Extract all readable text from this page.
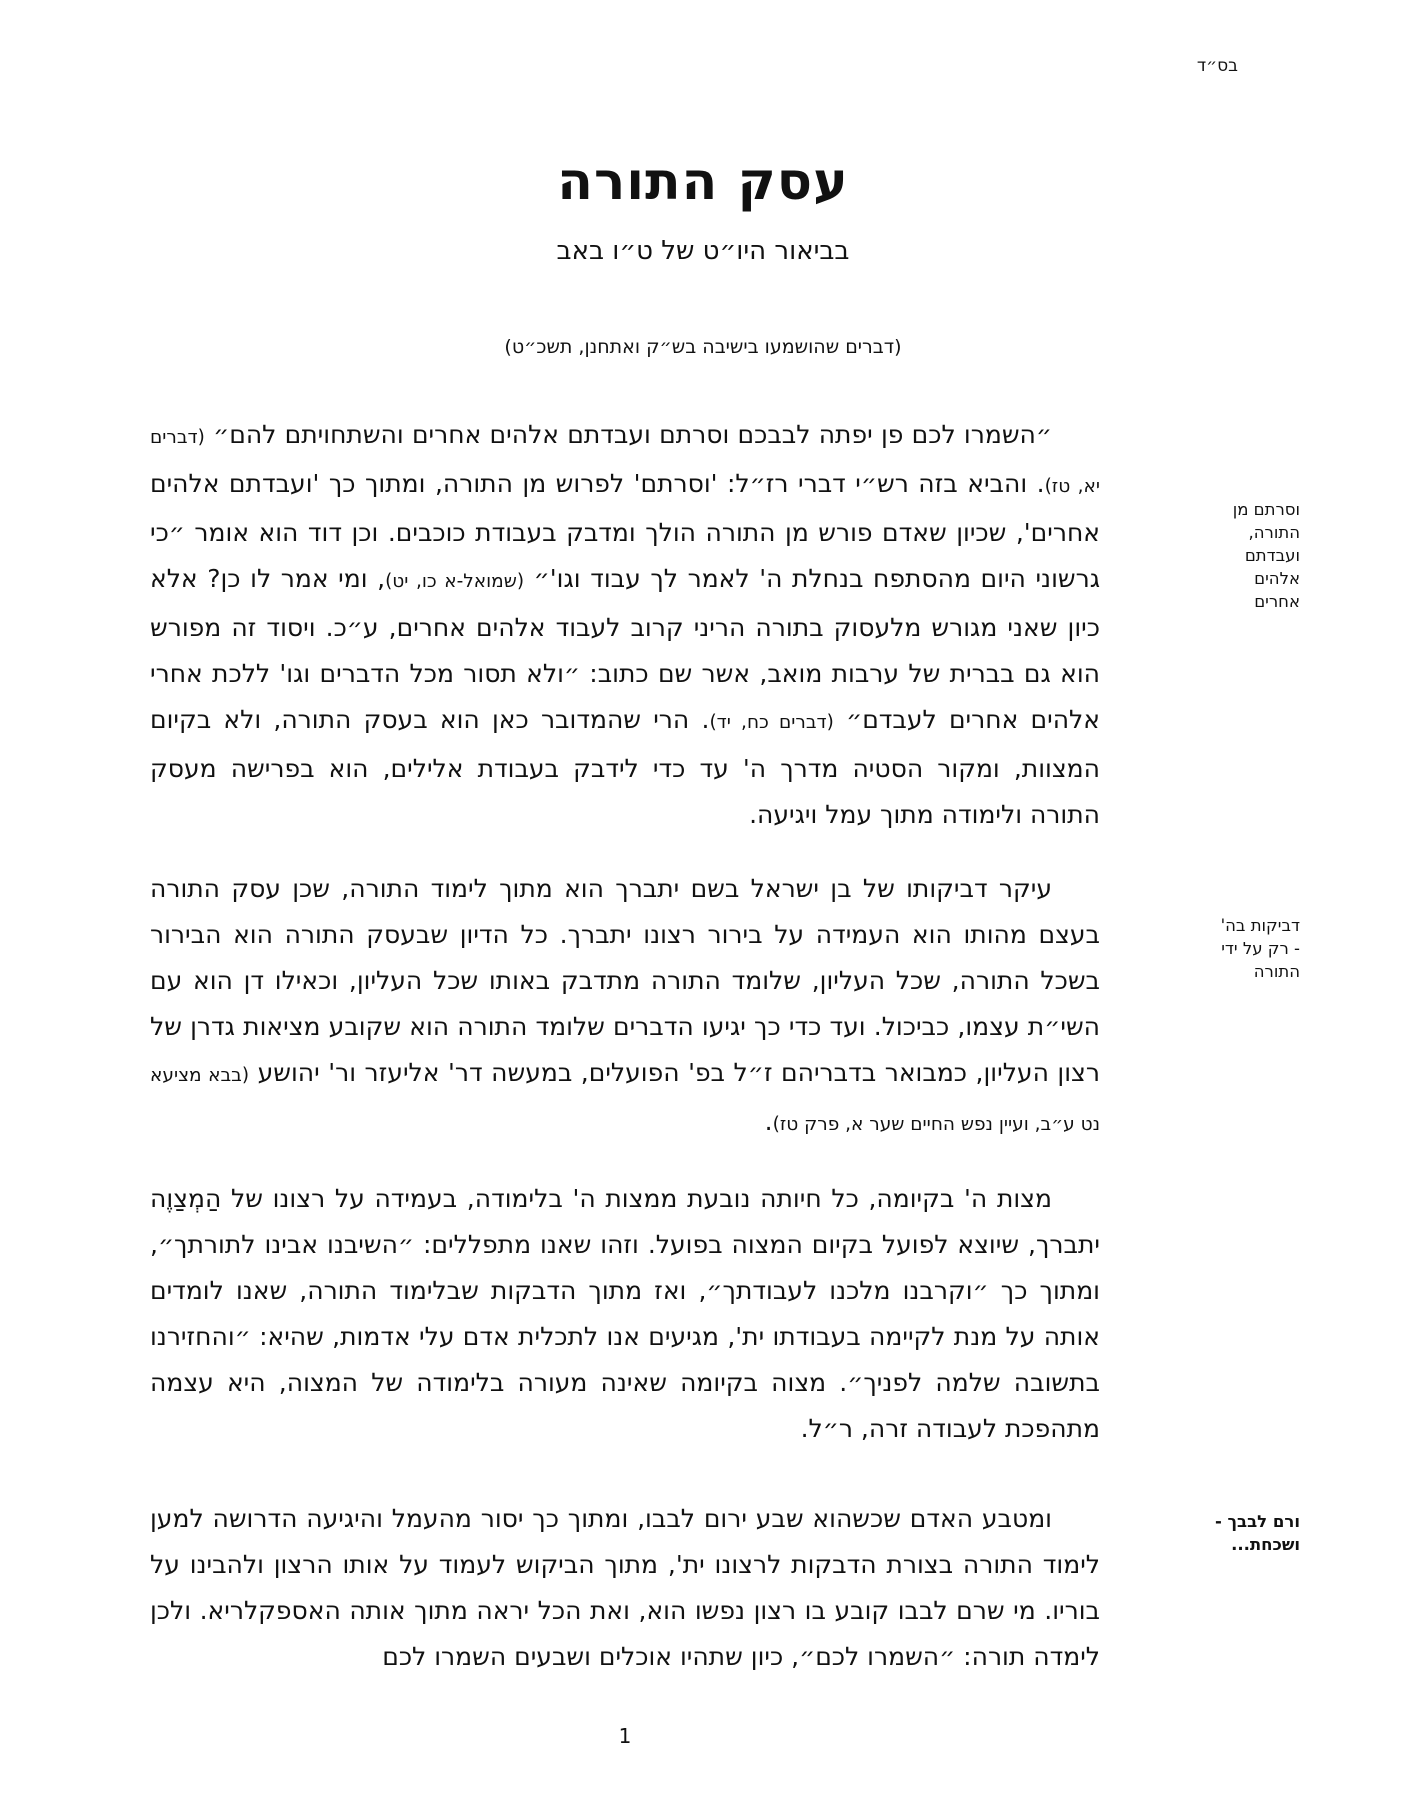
בס״ד
עסק התורה
בביאור היו״ט של ט״ו באב
(דברים שהושמעו בישיבה בש״ק ואתחנן, תשכ״ט)

״השמרו לכם פן יפתה לבבכם וסרתם ועבדתם אלהים אחרים והשתחויתם להם״ (דברים יא, טז). והביא בזה רש״י דברי רז״ל: 'וסרתם' לפרוש מן התורה, ומתוך כך 'ועבדתם אלהים אחרים', שכיון שאדם פורש מן התורה הולך ומדבק בעבודת כוכבים. וכן דוד הוא אומר ״כי גרשוני היום מהסתפח בנחלת ה' לאמר לך עבוד וגו'״ (שמואל-א כו, יט), ומי אמר לו כן? אלא כיון שאני מגורש מלעסוק בתורה הריני קרוב לעבוד אלהים אחרים, ע״כ. ויסוד זה מפורש הוא גם בברית של ערבות מואב, אשר שם כתוב: ״ולא תסור מכל הדברים וגו' ללכת אחרי אלהים אחרים לעבדם״ (דברים כח, יד). הרי שהמדובר כאן הוא בעסק התורה, ולא בקיום המצוות, ומקור הסטיה מדרך ה' עד כדי לידבק בעבודת אלילים, הוא בפרישה מעסק התורה ולימודה מתוך עמל ויגיעה.

עיקר דביקותו של בן ישראל בשם יתברך הוא מתוך לימוד התורה, שכן עסק התורה בעצם מהותו הוא העמידה על בירור רצונו יתברך. כל הדיון שבעסק התורה הוא הבירור בשכל התורה, שכל העליון, שלומד התורה מתדבק באותו שכל העליון, וכאילו דן הוא עם השי״ת עצמו, כביכול. ועד כדי כך יגיעו הדברים שלומד התורה הוא שקובע מציאות גדרן של רצון העליון, כמבואר בדבריהם ז״ל בפ' הפועלים, במעשה דר' אליעזר ור' יהושע (בבא מציעא נט ע״ב, ועיין נפש החיים שער א, פרק טז).

מצות ה' בקיומה, כל חיותה נובעת ממצות ה' בלימודה, בעמידה על רצונו של הַמְצַוֶה יתברך, שיוצא לפועל בקיום המצוה בפועל. וזהו שאנו מתפללים: ״השיבנו אבינו לתורתך״, ומתוך כך ״וקרבנו מלכנו לעבודתך״, ואז מתוך הדבקות שבלימוד התורה, שאנו לומדים אותה על מנת לקיימה בעבודתו ית', מגיעים אנו לתכלית אדם עלי אדמות, שהיא: ״והחזירנו בתשובה שלמה לפניך״. מצוה בקיומה שאינה מעורה בלימודה של המצוה, היא עצמה מתהפכת לעבודה זרה, ר״ל.

ומטבע האדם שכשהוא שבע ירום לבבו, ומתוך כך יסור מהעמל והיגיעה הדרושה למען לימוד התורה בצורת הדבקות לרצונו ית', מתוך הביקוש לעמוד על אותו הרצון ולהבינו על בוריו. מי שרם לבבו קובע בו רצון נפשו הוא, ואת הכל יראה מתוך אותה האספקלריא. ולכן לימדה תורה: ״השמרו לכם״, כיון שתהיו אוכלים ושבעים השמרו לכם

וסרתם מן
התורה,
ועבדתם
אלהים
אחרים
דביקות בה'
- רק על ידי
התורה
ורם לבבך -
ושכחת...
1
